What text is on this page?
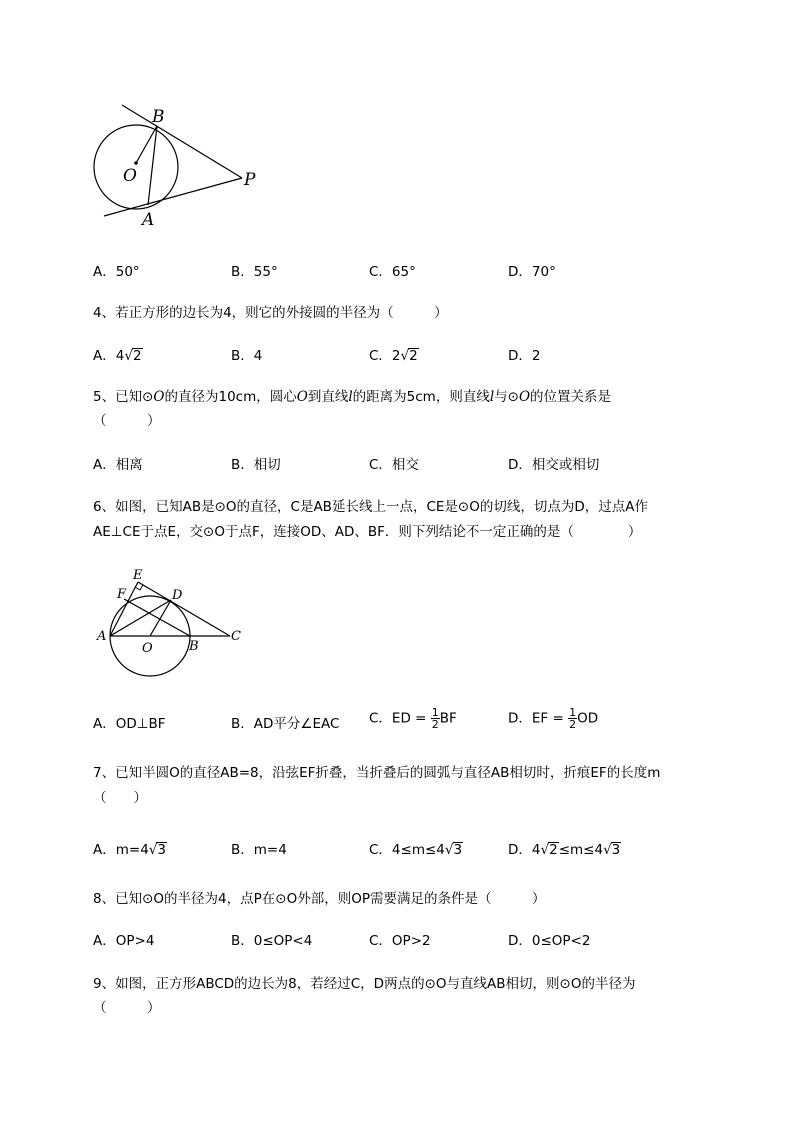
B
O	P
A
A．50°	B．55°	C．65°	D．70°
4、若正方形的边长为4，则它的外接圆的半径为（　　　）
A．4√2	B．4	C．2√2	D．2
5、已知⊙O的直径为10cm，圆心O到直线l的距离为5cm，则直线l与⊙O的位置关系是
（　　　）
A．相离	B．相切	C．相交	D．相交或相切
6、如图，已知AB是⊙O的直径，C是AB延长线上一点，CE是⊙O的切线，切点为D，过点A作
AE⊥CE于点E，交⊙O于点F，连接OD、AD、BF．则下列结论不一定正确的是（　　　　）
E
F	D
A
O	B
C
A．OD⊥BF	B．AD平分∠EAC C．ED = $\frac{1}{2}$ BF	D．EF = $\frac{1}{2}$ OD
7、已知半圆O的直径AB=8，沿弦EF折叠，当折叠后的圆弧与直径AB相切时，折痕EF的长度m
（　　）
A．m=4√3	B．m=4	C．4≤m≤4√3	D．4√2≤m≤4√3
8、已知⊙O的半径为4，点P在⊙O外部，则OP需要满足的条件是（　　　）
A．OP>4	B．0≤OP<4	C．OP>2	D．0≤OP<2
9、如图，正方形ABCD的边长为8，若经过C，D两点的⊙O与直线AB相切，则⊙O的半径为
（　　　）
